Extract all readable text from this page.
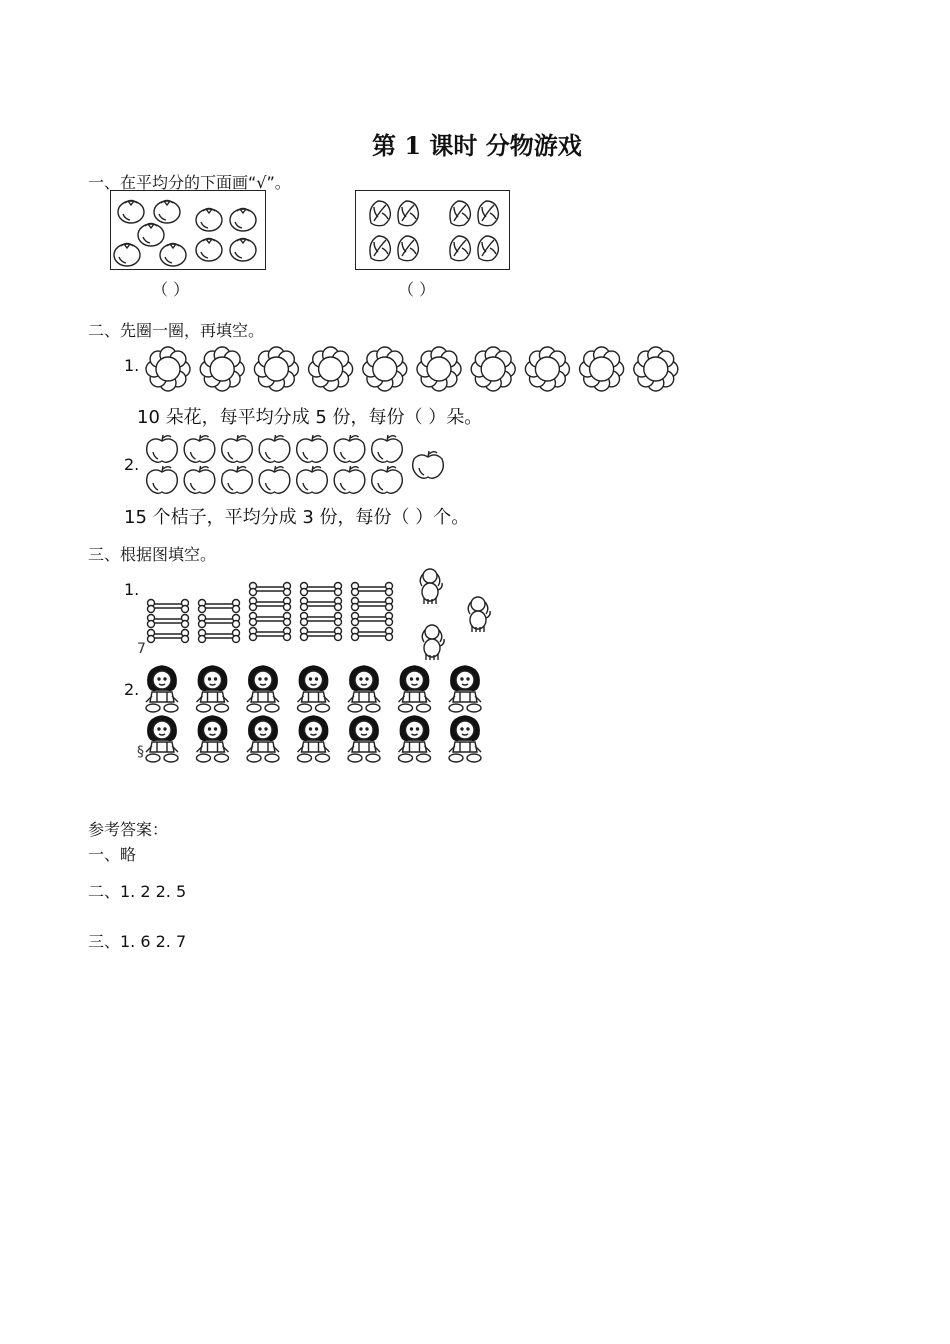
第 1 课时 分物游戏
一、在平均分的下面画“√”。
（ ）	（ ）
二、先圈一圈，再填空。
1.
10 朵花，每平均分成 5 份，每份（ ）朵。
2.
15 个桔子，平均分成 3 份，每份（ ）个。
三、根据图填空。
1.
7
2.
§
参考答案：
一、略
二、1. 2 2. 5
三、1. 6 2. 7
